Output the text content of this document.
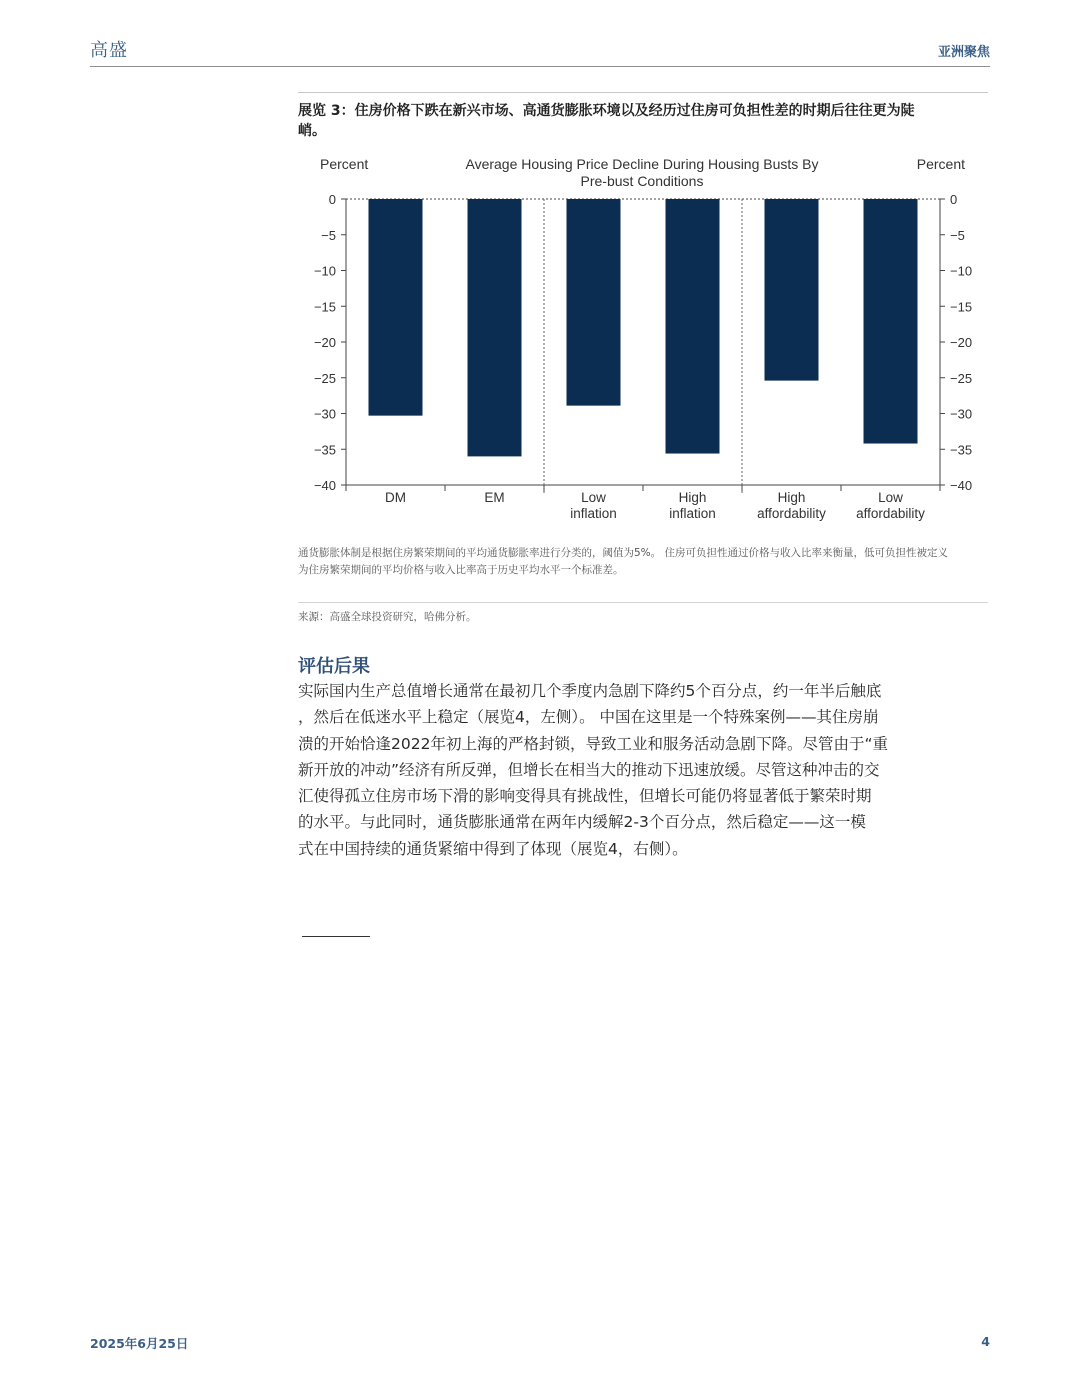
高盛	亚洲聚焦
展览 3：住房价格下跌在新兴市场、高通货膨胀环境以及经历过住房可负担性差的时期后往往更为陡峭。
Percent	Percent
Average Housing Price Decline During Housing Busts By Pre-bust Conditions
0	0
−5	−5
−10	−10
−15	−15
−20	−20
−25	−25
−30	−30
−35	−35
−40	−40
DM	EM	Low
inflation
High
inflation
High
affordability
Low
affordability
通货膨胀体制是根据住房繁荣期间的平均通货膨胀率进行分类的，阈值为5%。 住房可负担性通过价格与收入比率来衡量，低可负担性被定义为住房繁荣期间的平均价格与收入比率高于历史平均水平一个标准差。
来源：高盛全球投资研究，哈佛分析。
评估后果
实际国内生产总值增长通常在最初几个季度内急剧下降约5个百分点，约一年半后触底
，然后在低迷水平上稳定（展览4，左侧）。 中国在这里是一个特殊案例——其住房崩
溃的开始恰逢2022年初上海的严格封锁，导致工业和服务活动急剧下降。尽管由于“重
新开放的冲动”经济有所反弹，但增长在相当大的推动下迅速放缓。尽管这种冲击的交
汇使得孤立住房市场下滑的影响变得具有挑战性，但增长可能仍将显著低于繁荣时期
的水平。与此同时，通货膨胀通常在两年内缓解2-3个百分点，然后稳定——这一模
式在中国持续的通货紧缩中得到了体现（展览4，右侧）。
2025年6月25日	4
